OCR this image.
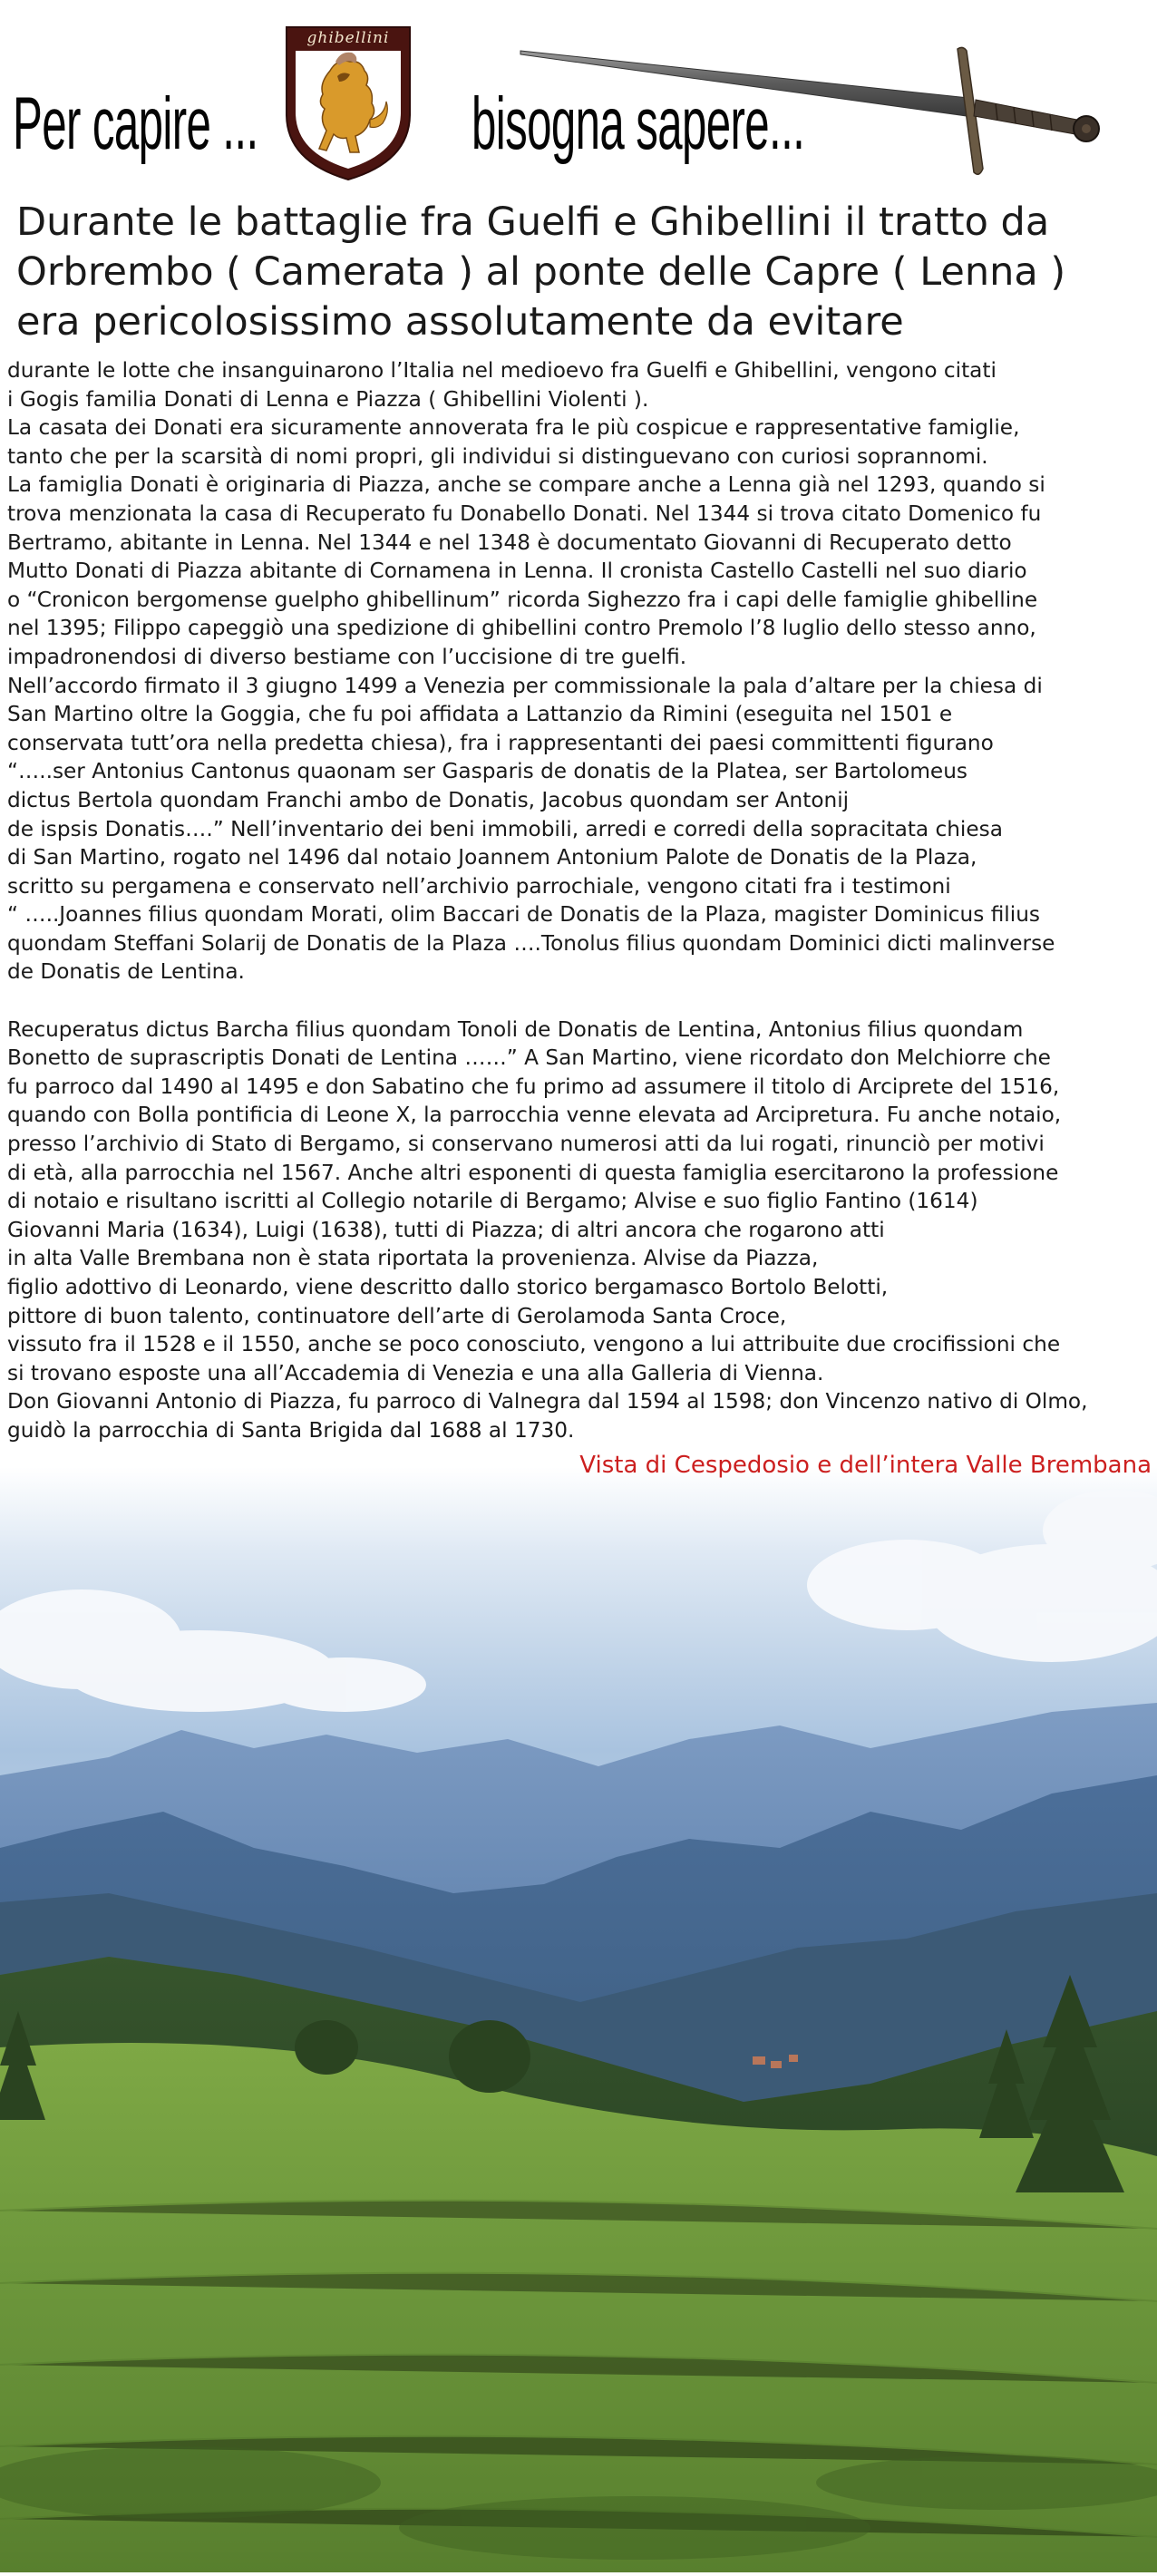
Per capire ...
ghibellini
bisogna sapere...
Durante le battaglie fra Guelfi e Ghibellini il tratto da
Orbrembo ( Camerata ) al ponte delle Capre ( Lenna )
era pericolosissimo assolutamente da evitare
durante le lotte che insanguinarono l’Italia nel medioevo fra Guelfi e Ghibellini, vengono citati
i Gogis familia Donati di Lenna e Piazza ( Ghibellini Violenti ).
La casata dei Donati era sicuramente annoverata fra le più cospicue e rappresentative famiglie,
tanto che per la scarsità di nomi propri, gli individui si distinguevano con curiosi soprannomi.
La famiglia Donati è originaria di Piazza, anche se compare anche a Lenna già nel 1293, quando si
trova menzionata la casa di Recuperato fu Donabello Donati. Nel 1344 si trova citato Domenico fu
Bertramo, abitante in Lenna. Nel 1344 e nel 1348 è documentato Giovanni di Recuperato detto
Mutto Donati di Piazza abitante di Cornamena in Lenna. Il cronista Castello Castelli nel suo diario
o “Cronicon bergomense guelpho ghibellinum” ricorda Sighezzo fra i capi delle famiglie ghibelline
nel 1395; Filippo capeggiò una spedizione di ghibellini contro Premolo l’8 luglio dello stesso anno,
impadronendosi di diverso bestiame con l’uccisione di tre guelfi.
Nell’accordo firmato il 3 giugno 1499 a Venezia per commissionale la pala d’altare per la chiesa di
San Martino oltre la Goggia, che fu poi affidata a Lattanzio da Rimini (eseguita nel 1501 e
conservata tutt’ora nella predetta chiesa), fra i rappresentanti dei paesi committenti figurano
“…..ser Antonius Cantonus quaonam ser Gasparis de donatis de la Platea, ser Bartolomeus
dictus Bertola quondam Franchi ambo de Donatis, Jacobus quondam ser Antonij
de ispsis Donatis….” Nell’inventario dei beni immobili, arredi e corredi della sopracitata chiesa
di San Martino, rogato nel 1496 dal notaio Joannem Antonium Palote de Donatis de la Plaza,
scritto su pergamena e conservato nell’archivio parrochiale, vengono citati fra i testimoni
“ …..Joannes filius quondam Morati, olim Baccari de Donatis de la Plaza, magister Dominicus filius
quondam Steffani Solarij de Donatis de la Plaza ….Tonolus filius quondam Dominici dicti malinverse
de Donatis de Lentina.
Recuperatus dictus Barcha filius quondam Tonoli de Donatis de Lentina, Antonius filius quondam
Bonetto de suprascriptis Donati de Lentina ……” A San Martino, viene ricordato don Melchiorre che
fu parroco dal 1490 al 1495 e don Sabatino che fu primo ad assumere il titolo di Arciprete del 1516,
quando con Bolla pontificia di Leone X, la parrocchia venne elevata ad Arcipretura. Fu anche notaio,
presso l’archivio di Stato di Bergamo, si conservano numerosi atti da lui rogati, rinunciò per motivi
di età, alla parrocchia nel 1567. Anche altri esponenti di questa famiglia esercitarono la professione
di notaio e risultano iscritti al Collegio notarile di Bergamo; Alvise e suo figlio Fantino (1614)
Giovanni Maria (1634), Luigi (1638), tutti di Piazza; di altri ancora che rogarono atti
in alta Valle Brembana non è stata riportata la provenienza. Alvise da Piazza,
figlio adottivo di Leonardo, viene descritto dallo storico bergamasco Bortolo Belotti,
pittore di buon talento, continuatore dell’arte di Gerolamoda Santa Croce,
vissuto fra il 1528 e il 1550, anche se poco conosciuto, vengono a lui attribuite due crocifissioni che
si trovano esposte una all’Accademia di Venezia e una alla Galleria di Vienna.
Don Giovanni Antonio di Piazza, fu parroco di Valnegra dal 1594 al 1598; don Vincenzo nativo di Olmo,
guidò la parrocchia di Santa Brigida dal 1688 al 1730.
Vista di Cespedosio e dell’intera Valle Brembana
